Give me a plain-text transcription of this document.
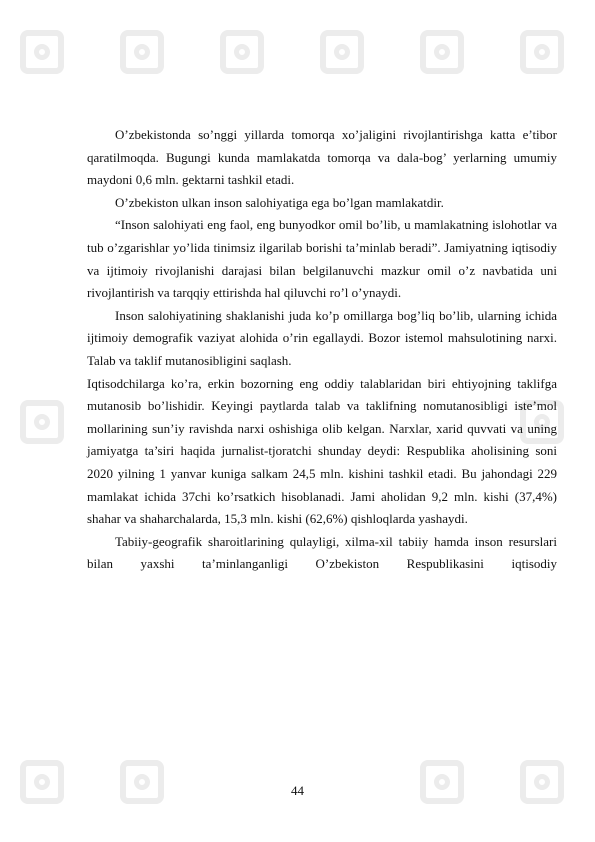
O’zbekistonda so’nggi yillarda tomorqa xo’jaligini rivojlantirishga katta e’tibor qaratilmoqda. Bugungi kunda mamlakatda tomorqa va dala-bog’ yerlarning umumiy maydoni 0,6 mln. gektarni tashkil etadi.

O’zbekiston ulkan inson salohiyatiga ega bo’lgan mamlakatdir.

“Inson salohiyati eng faol, eng bunyodkor omil bo’lib, u mamlakatning islohotlar va tub o’zgarishlar yo’lida tinimsiz ilgarilab borishi ta’minlab beradi”. Jamiyatning iqtisodiy va ijtimoiy rivojlanishi darajasi bilan belgilanuvchi mazkur omil o’z navbatida uni rivojlantirish va tarqqiy ettirishda hal qiluvchi ro’l o’ynaydi.

Inson salohiyatining shaklanishi juda ko’p omillarga bog’liq bo’lib, ularning ichida ijtimoiy demografik vaziyat alohida o’rin egallaydi. Bozor istemol mahsulotining narxi. Talab va taklif mutanosibligini saqlash.

Iqtisodchilarga ko’ra, erkin bozorning eng oddiy talablaridan biri ehtiyojning taklifga mutanosib bo’lishidir. Keyingi paytlarda talab va taklifning nomutanosibligi iste’mol mollarining sun’iy ravishda narxi oshishiga olib kelgan. Narxlar, xarid quvvati va uning jamiyatga ta’siri haqida jurnalist-tjoratchi shunday deydi: Respublika aholisining soni 2020 yilning 1 yanvar kuniga salkam 24,5 mln. kishini tashkil etadi. Bu jahondagi 229 mamlakat ichida 37chi ko’rsatkich hisoblanadi. Jami aholidan 9,2 mln. kishi (37,4%) shahar va shaharchalarda, 15,3 mln. kishi (62,6%) qishloqlarda yashaydi.

Tabiiy-geografik sharoitlarining qulayligi, xilma-xil tabiiy hamda inson resurslari bilan yaxshi ta’minlanganligi O’zbekiston Respublikasini iqtisodiy

44
